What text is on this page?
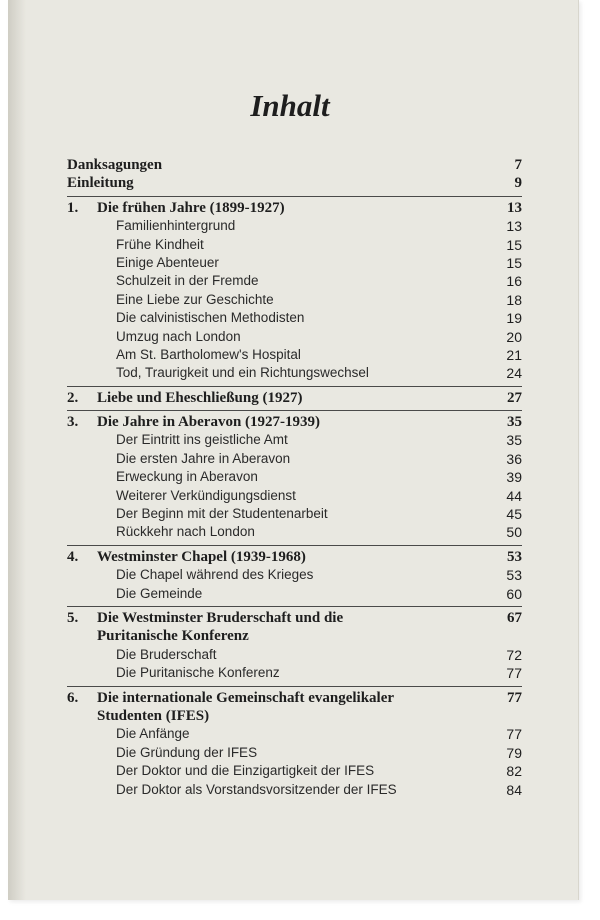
Inhalt
Danksagungen	7
Einleitung	9
1. Die frühen Jahre (1899-1927)	13
Familienhintergrund	13
Frühe Kindheit	15
Einige Abenteuer	15
Schulzeit in der Fremde	16
Eine Liebe zur Geschichte	18
Die calvinistischen Methodisten	19
Umzug nach London	20
Am St. Bartholomew's Hospital	21
Tod, Traurigkeit und ein Richtungswechsel	24
2. Liebe und Eheschließung (1927)	27
3. Die Jahre in Aberavon (1927-1939)	35
Der Eintritt ins geistliche Amt	35
Die ersten Jahre in Aberavon	36
Erweckung in Aberavon	39
Weiterer Verkündigungsdienst	44
Der Beginn mit der Studentenarbeit	45
Rückkehr nach London	50
4. Westminster Chapel (1939-1968)	53
Die Chapel während des Krieges	53
Die Gemeinde	60
5. Die Westminster Bruderschaft und die	67
Puritanische Konferenz
Die Bruderschaft	72
Die Puritanische Konferenz	77
6. Die internationale Gemeinschaft evangelikaler	77
Studenten (IFES)
Die Anfänge	77
Die Gründung der IFES	79
Der Doktor und die Einzigartigkeit der IFES	82
Der Doktor als Vorstandsvorsitzender der IFES	84
